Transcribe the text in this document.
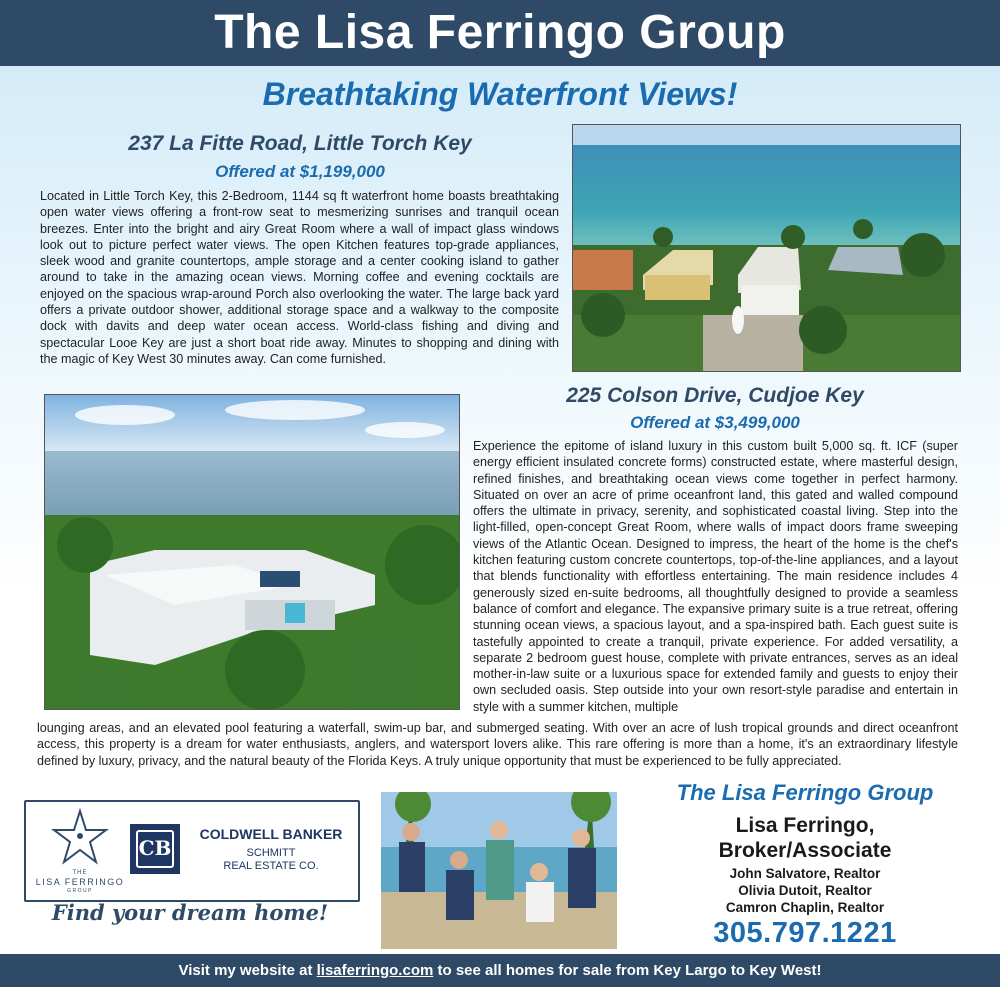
The Lisa Ferringo Group
Breathtaking Waterfront Views!
237 La Fitte Road, Little Torch Key
Offered at $1,199,000
Located in Little Torch Key, this 2-Bedroom, 1144 sq ft waterfront home boasts breathtaking open water views offering a front-row seat to mesmerizing sunrises and tranquil ocean breezes. Enter into the bright and airy Great Room where a wall of impact glass windows look out to picture perfect water views. The open Kitchen features top-grade appliances, sleek wood and granite countertops, ample storage and a center cooking island to gather around to take in the amazing ocean views. Morning coffee and evening cocktails are enjoyed on the spacious wrap-around Porch also overlooking the water. The large back yard offers a private outdoor shower, additional storage space and a walkway to the composite dock with davits and deep water ocean access. World-class fishing and diving and spectacular Looe Key are just a short boat ride away. Minutes to shopping and dining with the magic of Key West 30 minutes away. Can come furnished.
225 Colson Drive, Cudjoe Key
Offered at $3,499,000
Experience the epitome of island luxury in this custom built 5,000 sq. ft. ICF (super energy efficient insulated concrete forms) constructed estate, where masterful design, refined finishes, and breathtaking ocean views come together in perfect harmony. Situated on over an acre of prime oceanfront land, this gated and walled compound offers the ultimate in privacy, serenity, and sophisticated coastal living. Step into the light-filled, open-concept Great Room, where walls of impact doors frame sweeping views of the Atlantic Ocean. Designed to impress, the heart of the home is the chef's kitchen featuring custom concrete countertops, top-of-the-line appliances, and a layout that blends functionality with effortless entertaining. The main residence includes 4 generously sized en-suite bedrooms, all thoughtfully designed to provide a seamless balance of comfort and elegance. The expansive primary suite is a true retreat, offering stunning ocean views, a spacious layout, and a spa-inspired bath. Each guest suite is tastefully appointed to create a tranquil, private experience. For added versatility, a separate 2 bedroom guest house, complete with private entrances, serves as an ideal mother-in-law suite or a luxurious space for extended family and guests to enjoy their own secluded oasis. Step outside into your own resort-style paradise and entertain in style with a summer kitchen, multiple
lounging areas, and an elevated pool featuring a waterfall, swim-up bar, and submerged seating. With over an acre of lush tropical grounds and direct oceanfront access, this property is a dream for water enthusiasts, anglers, and watersport lovers alike. This rare offering is more than a home, it's an extraordinary lifestyle defined by luxury, privacy, and the natural beauty of the Florida Keys. A truly unique opportunity that must be experienced to be fully appreciated.
THE
LISA FERRINGO
GROUP
CB
COLDWELL BANKER
SCHMITT
REAL ESTATE CO.
Find your dream home!
The Lisa Ferringo Group
Lisa Ferringo,
Broker/Associate
John Salvatore, Realtor
Olivia Dutoit, Realtor
Camron Chaplin, Realtor
305.797.1221
Visit my website at lisaferringo.com to see all homes for sale from Key Largo to Key West!
